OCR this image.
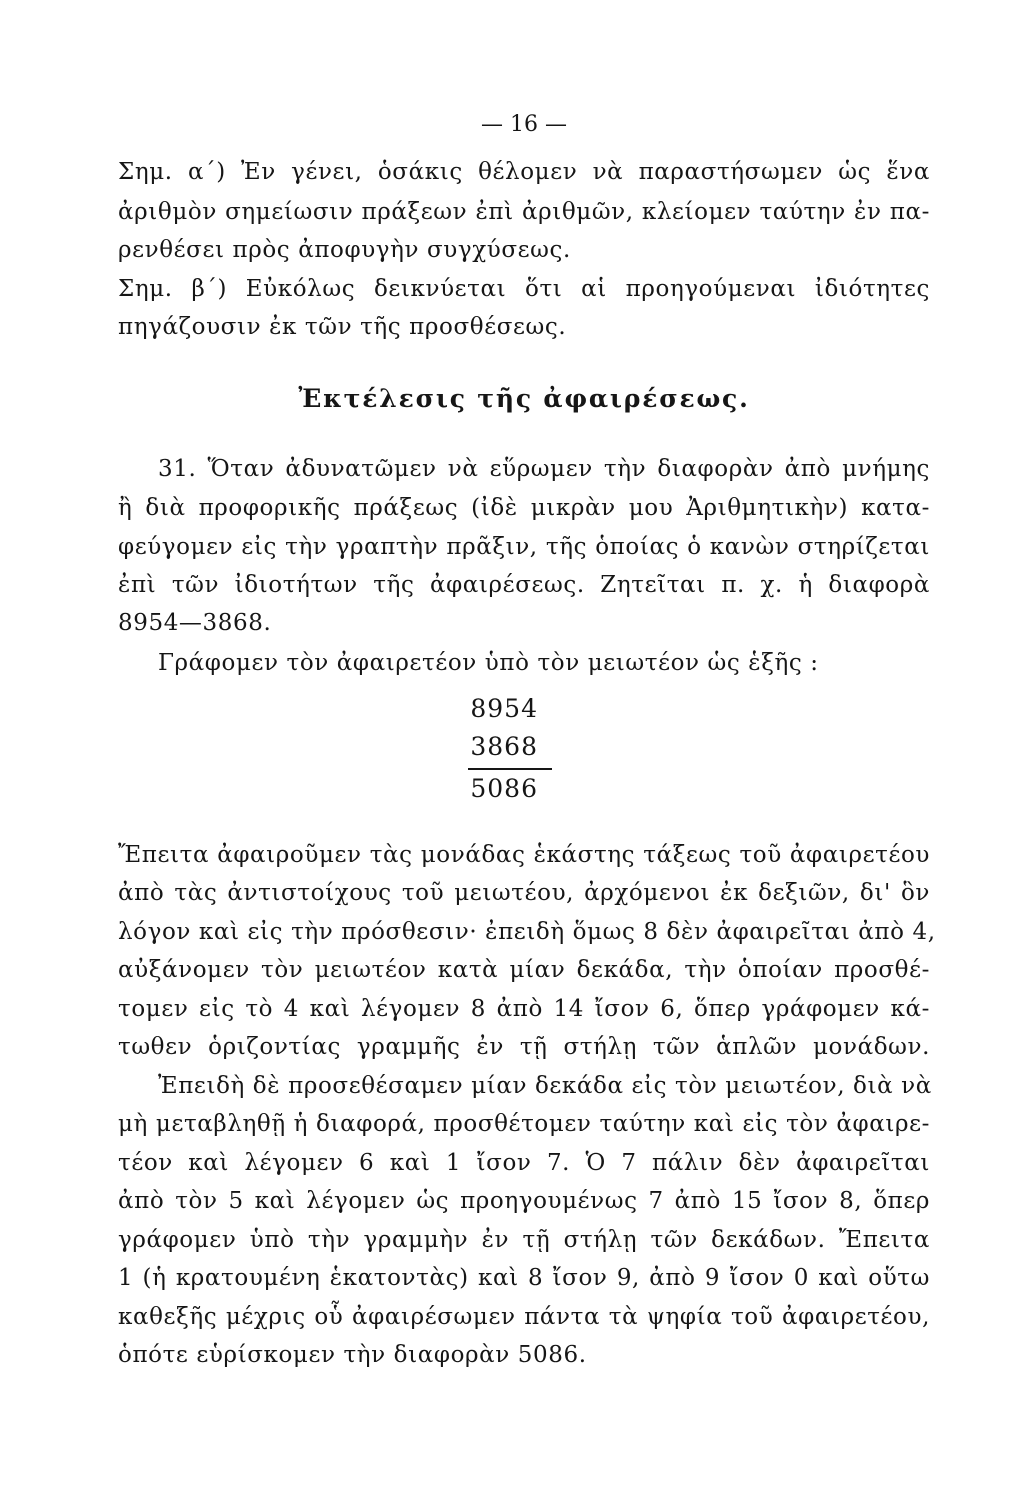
— 16 —
Σημ. α΄) Ἐν γένει, ὁσάκις θέλομεν νὰ παραστήσωμεν ὡς ἕνα
ἀριθμὸν σημείωσιν πράξεων ἐπὶ ἀριθμῶν, κλείομεν ταύτην ἐν πα-
ρενθέσει πρὸς ἀποφυγὴν συγχύσεως.
Σημ. β΄) Εὐκόλως δεικνύεται ὅτι αἱ προηγούμεναι ἰδιότητες
πηγάζουσιν ἐκ τῶν τῆς προσθέσεως.
Ἐκτέλεσις τῆς ἀφαιρέσεως.
31. Ὅταν ἀδυνατῶμεν νὰ εὕρωμεν τὴν διαφορὰν ἀπὸ μνήμης
ἢ διὰ προφορικῆς πράξεως (ἰδὲ μικρὰν μου Ἀριθμητικὴν) κατα-
φεύγομεν εἰς τὴν γραπτὴν πρᾶξιν, τῆς ὁποίας ὁ κανὼν στηρίζεται
ἐπὶ τῶν ἰδιοτήτων τῆς ἀφαιρέσεως. Ζητεῖται π. χ. ἡ διαφορὰ
8954—3868.
Γράφομεν τὸν ἀφαιρετέον ὑπὸ τὸν μειωτέον ὡς ἑξῆς :
8954
3868
5086
Ἔπειτα ἀφαιροῦμεν τὰς μονάδας ἑκάστης τάξεως τοῦ ἀφαιρετέου
ἀπὸ τὰς ἀντιστοίχους τοῦ μειωτέου, ἀρχόμενοι ἐκ δεξιῶν, δι' ὃν
λόγον καὶ εἰς τὴν πρόσθεσιν· ἐπειδὴ ὅμως 8 δὲν ἀφαιρεῖται ἀπὸ 4,
αὐξάνομεν τὸν μειωτέον κατὰ μίαν δεκάδα, τὴν ὁποίαν προσθέ-
τομεν εἰς τὸ 4 καὶ λέγομεν 8 ἀπὸ 14 ἴσον 6, ὅπερ γράφομεν κά-
τωθεν ὁριζοντίας γραμμῆς ἐν τῇ στήλῃ τῶν ἁπλῶν μονάδων.
Ἐπειδὴ δὲ προσεθέσαμεν μίαν δεκάδα εἰς τὸν μειωτέον, διὰ νὰ
μὴ μεταβληθῇ ἡ διαφορά, προσθέτομεν ταύτην καὶ εἰς τὸν ἀφαιρε-
τέον καὶ λέγομεν 6 καὶ 1 ἴσον 7. Ὁ 7 πάλιν δὲν ἀφαιρεῖται
ἀπὸ τὸν 5 καὶ λέγομεν ὡς προηγουμένως 7 ἀπὸ 15 ἴσον 8, ὅπερ
γράφομεν ὑπὸ τὴν γραμμὴν ἐν τῇ στήλῃ τῶν δεκάδων. Ἔπειτα
1 (ἡ κρατουμένη ἑκατοντὰς) καὶ 8 ἴσον 9, ἀπὸ 9 ἴσον 0 καὶ οὕτω
καθεξῆς μέχρις οὗ ἀφαιρέσωμεν πάντα τὰ ψηφία τοῦ ἀφαιρετέου,
ὁπότε εὑρίσκομεν τὴν διαφορὰν 5086.
